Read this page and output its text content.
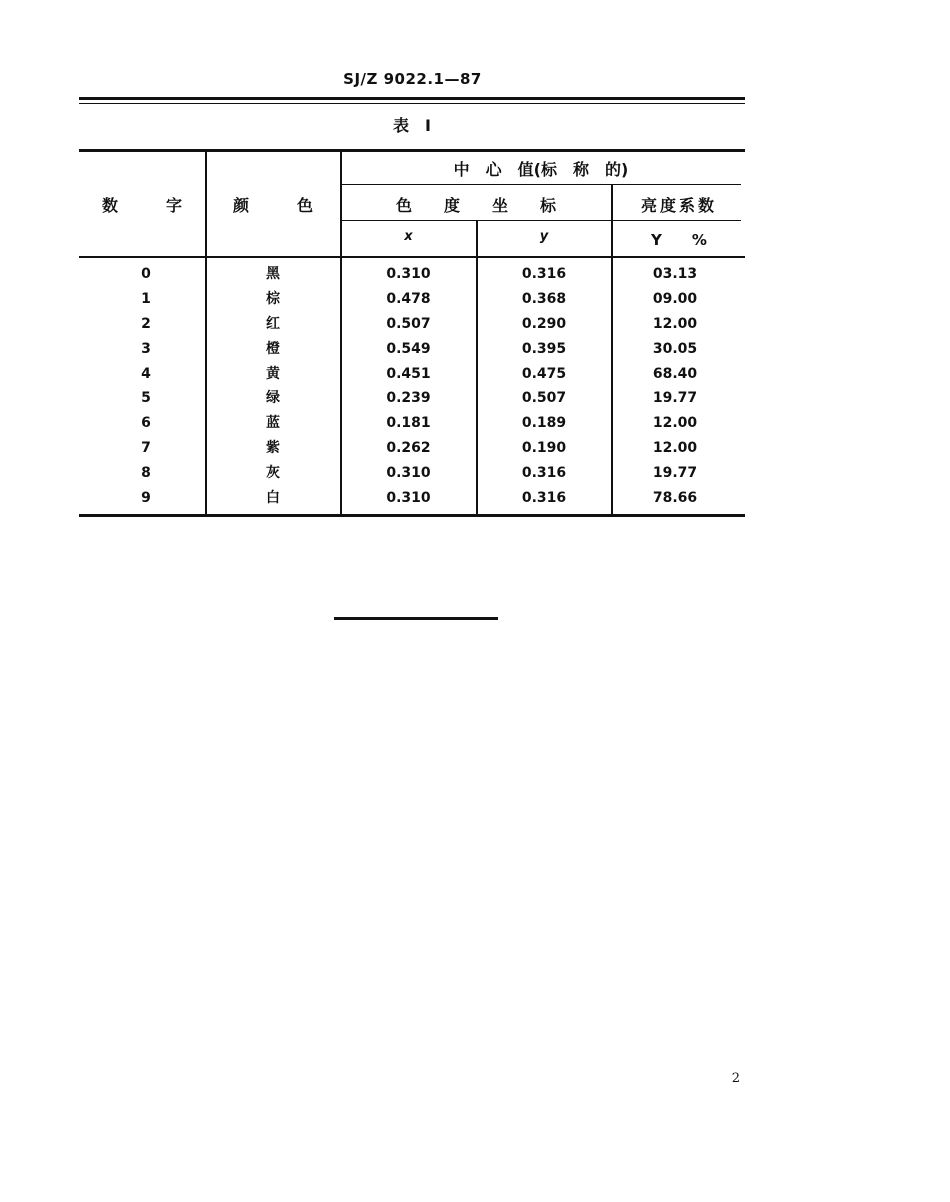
SJ/Z 9022.1—87
表　I
数　　　字	颜　　　色
中　心　值(标　称　的)
色　　度　　坐　　标	亮度系数
x	y	Y　　%
0	黑	0.310	0.316	03.13
1	棕	0.478	0.368	09.00
2	红	0.507	0.290	12.00
3	橙	0.549	0.395	30.05
4	黄	0.451	0.475	68.40
5	绿	0.239	0.507	19.77
6	蓝	0.181	0.189	12.00
7	紫	0.262	0.190	12.00
8	灰	0.310	0.316	19.77
9	白	0.310	0.316	78.66
2
